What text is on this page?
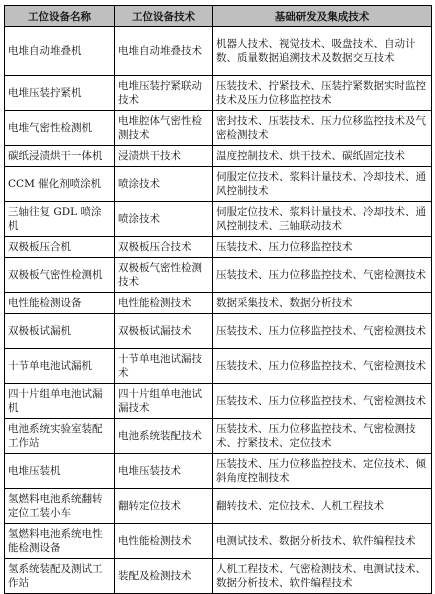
工位设备名称	工位设备技术	基础研发及集成技术
电堆自动堆叠机	电堆自动堆叠技术	机器人技术、视觉技术、吸盘技术、自动计数、质量数据追溯技术及数据交互技术
电堆压装拧紧机	电堆压装拧紧联动技术	压装技术、拧紧技术、压装拧紧数据实时监控技术及压力位移监控技术
电堆气密性检测机	电堆腔体气密性检测技术	密封技术、压装技术、压力位移监控技术及气密检测技术
碳纸浸渍烘干一体机	浸渍烘干技术	温度控制技术、烘干技术、碳纸固定技术
CCM 催化剂喷涂机	喷涂技术	伺服定位技术、浆料计量技术、冷却技术、通风控制技术
三轴往复 GDL 喷涂机	喷涂技术	伺服定位技术、浆料计量技术、冷却技术、通风控制技术、三轴联动技术
双极板压合机	双极板压合技术	压装技术、压力位移监控技术
双极板气密性检测机	双极板气密性检测技术	压装技术、压力位移监控技术、气密检测技术
电性能检测设备	电性能检测技术	数据采集技术、数据分析技术
双极板试漏机	双极板试漏技术	压装技术、压力位移监控技术、气密检测技术
十节单电池试漏机	十节单电池试漏技术	压装技术、压力位移监控技术、气密检测技术
四十片组单电池试漏机	四十片组单电池试漏技术	压装技术、压力位移监控技术、气密检测技术
电池系统实验室装配工作站	电池系统装配技术	压装技术、压力位移监控技术、气密检测技术、拧紧技术、定位技术
电堆压装机	电堆压装技术	压装技术、压力位移监控技术、定位技术、倾斜角度控制技术
氢燃料电池系统翻转定位工装小车	翻转定位技术	翻转技术、定位技术、人机工程技术
氢燃料电池系统电性能检测设备	电性能检测技术	电测试技术、数据分析技术、软件编程技术
氢系统装配及测试工作站	装配及检测技术	人机工程技术、气密检测技术、电测试技术、数据分析技术、软件编程技术
